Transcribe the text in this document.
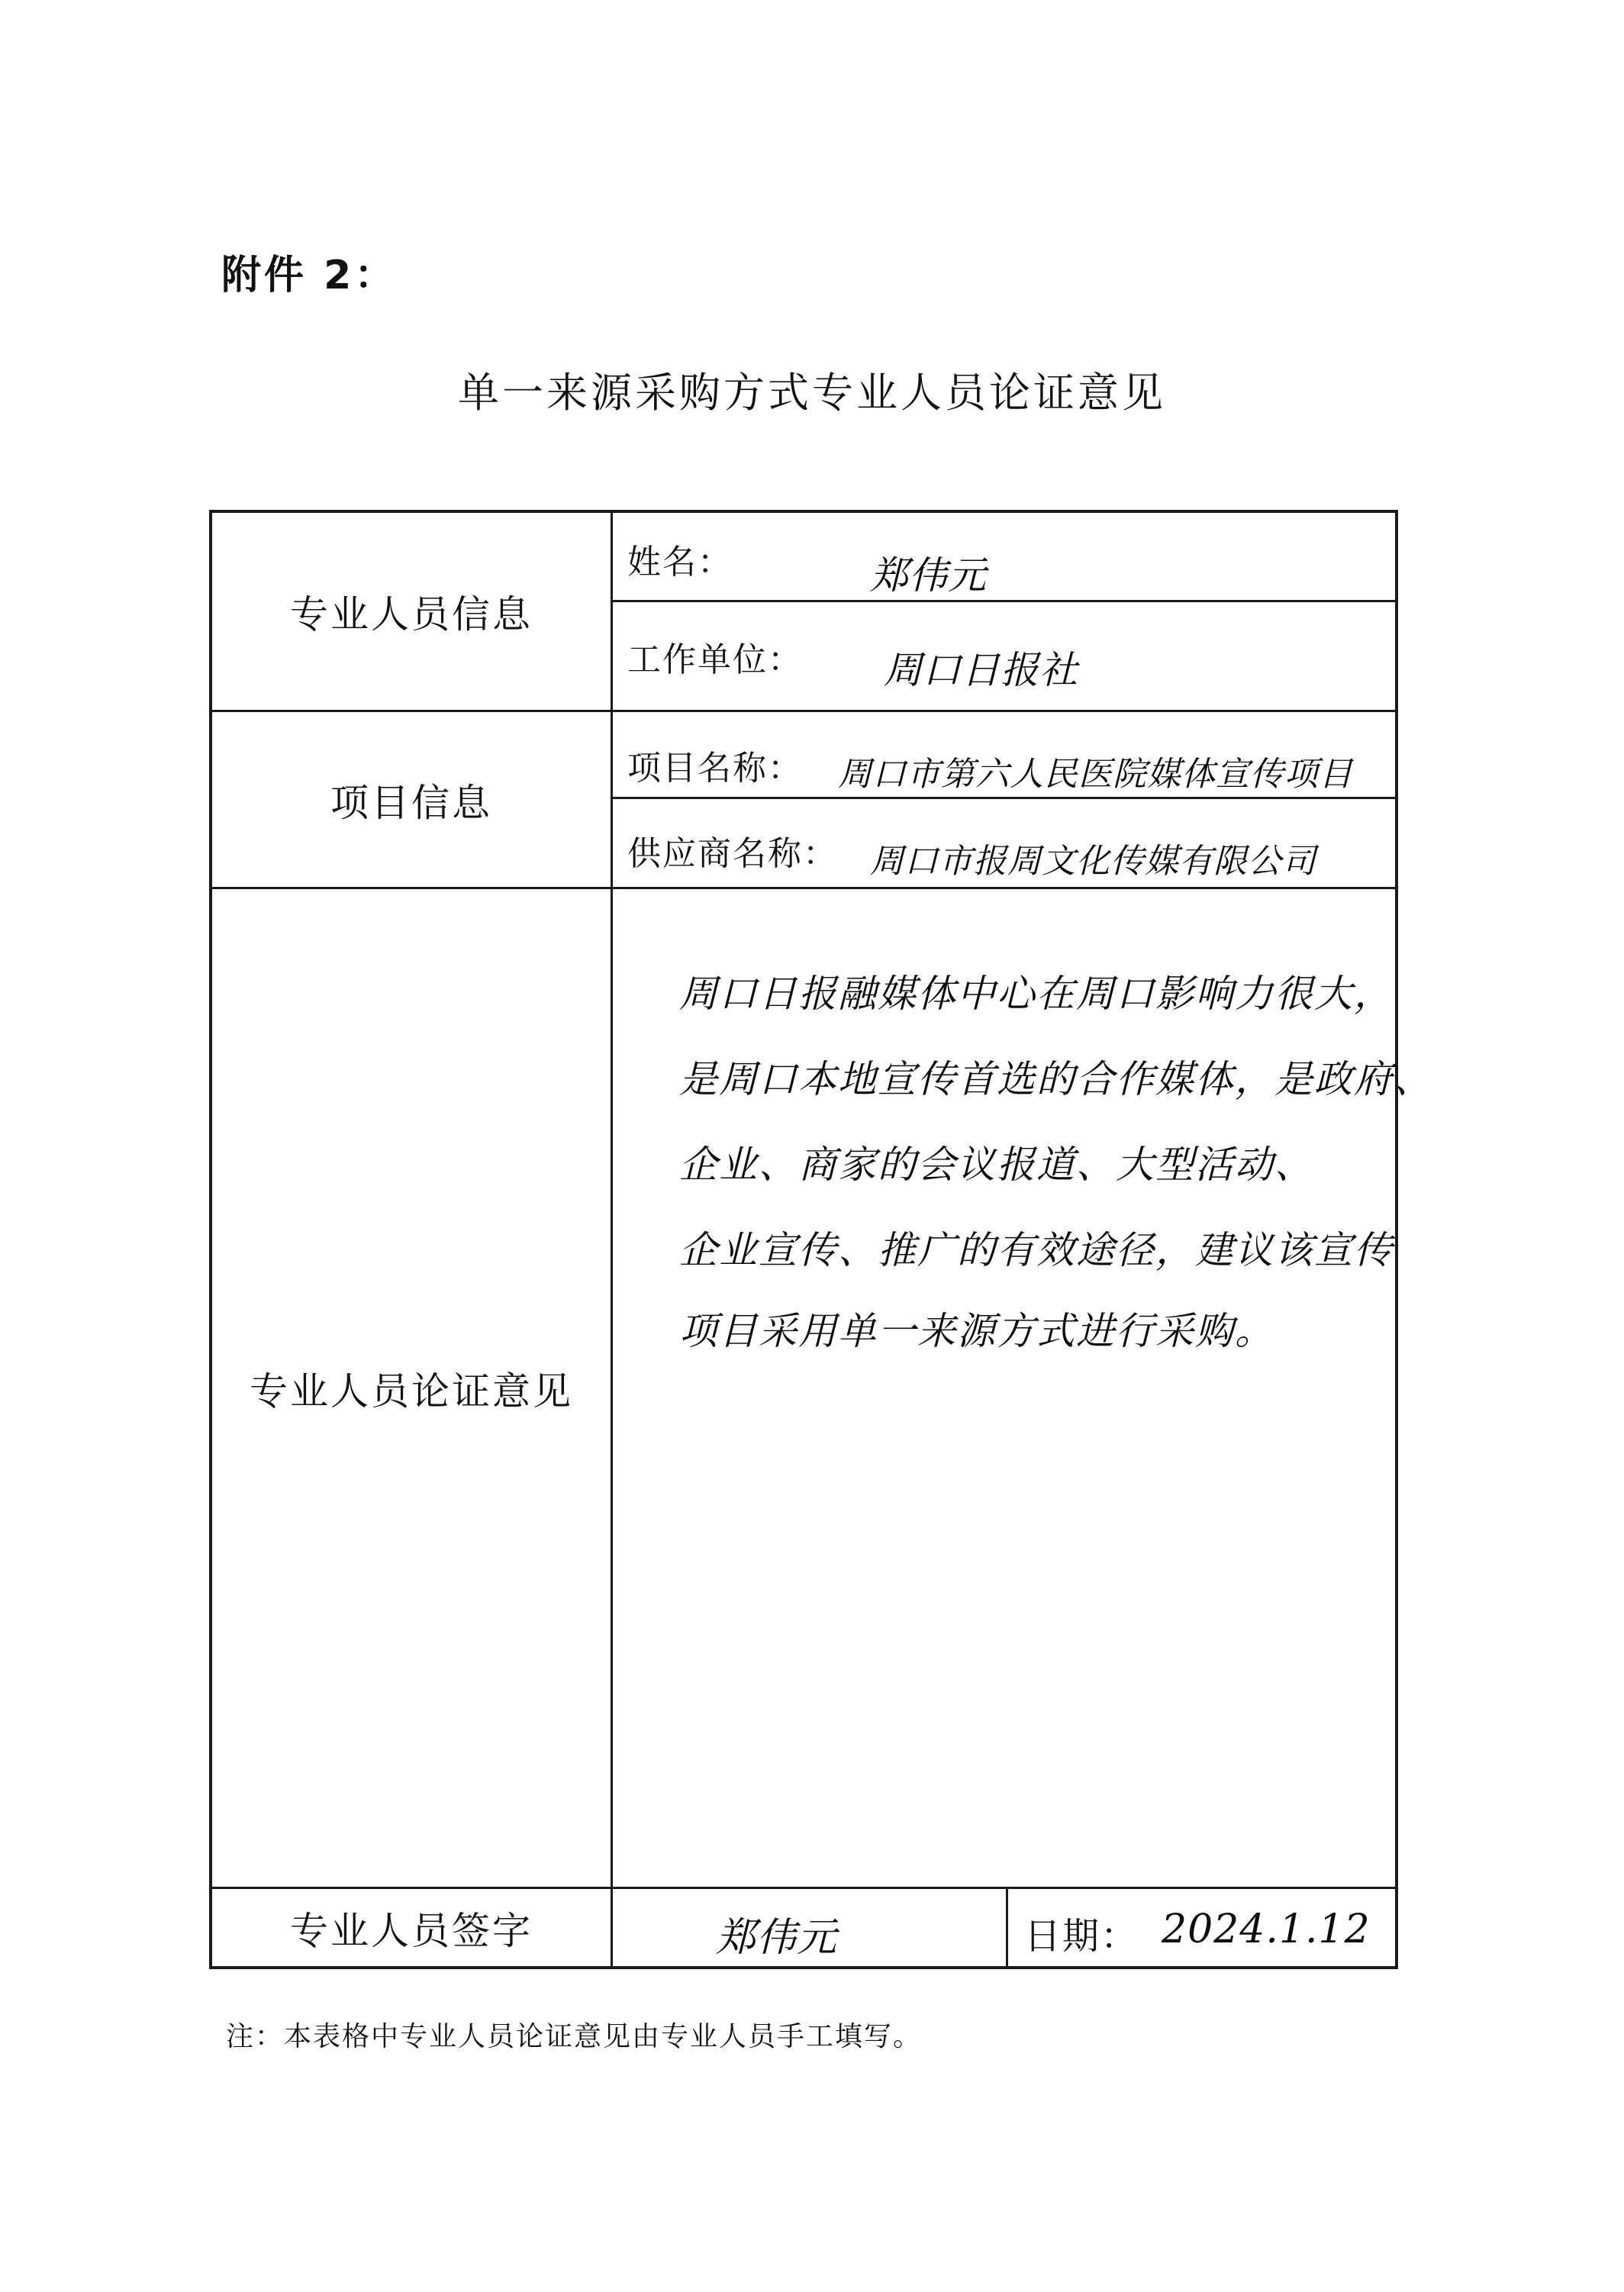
附件 2：
单一来源采购方式专业人员论证意见
专业人员信息
项目信息
专业人员论证意见
专业人员签字
姓名：	郑伟元
工作单位： 周口日报社
项目名称： 周口市第六人民医院媒体宣传项目
供应商名称： 周口市报周文化传媒有限公司
郑伟元	日期： 2024.1.12
周口日报融媒体中心在周口影响力很大，
是周口本地宣传首选的合作媒体，是政府、
企业、商家的会议报道、大型活动、
企业宣传、推广的有效途径，建议该宣传
项目采用单一来源方式进行采购。
注：本表格中专业人员论证意见由专业人员手工填写。
